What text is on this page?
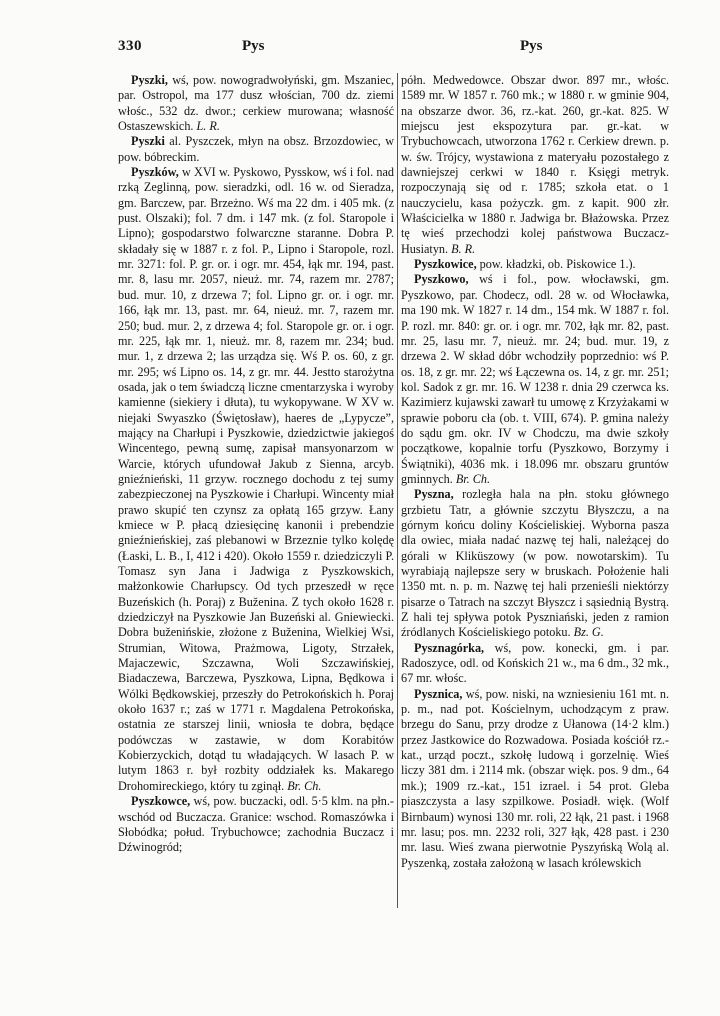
330	Pys	Pys

Pyszki, wś, pow. nowogradwołyński, gm. Mszaniec, par. Ostropol, ma 177 dusz włościan, 700 dz. ziemi włośc., 532 dz. dwor.; cerkiew murowana; własność Ostaszewskich. L. R.

Pyszki al. Pyszczek, młyn na obsz. Brzozdowiec, w pow. bóbreckim.

Pyszków, w XVI w. Pyskowo, Pysskow, wś i fol. nad rzką Zeglinną, pow. sieradzki, odl. 16 w. od Sieradza, gm. Barczew, par. Brzeżno. Wś ma 22 dm. i 405 mk. (z pust. Olszaki); fol. 7 dm. i 147 mk. (z fol. Staropole i Lipno); gospodarstwo folwarczne staranne. Dobra P. składały się w 1887 r. z fol. P., Lipno i Staropole, rozl. mr. 3271: fol. P. gr. or. i ogr. mr. 454, łąk mr. 194, past. mr. 8, lasu mr. 2057, nieuż. mr. 74, razem mr. 2787; bud. mur. 10, z drzewa 7; fol. Lipno gr. or. i ogr. mr. 166, łąk mr. 13, past. mr. 64, nieuż. mr. 7, razem mr. 250; bud. mur. 2, z drzewa 4; fol. Staropole gr. or. i ogr. mr. 225, łąk mr. 1, nieuż. mr. 8, razem mr. 234; bud. mur. 1, z drzewa 2; las urządza się. Wś P. os. 60, z gr. mr. 295; wś Lipno os. 14, z gr. mr. 44. Jestto starożytna osada, jak o tem świadczą liczne cmentarzyska i wyroby kamienne (siekiery i dłuta), tu wykopywane. W XV w. niejaki Swyaszko (Świętosław), haeres de „Lypycze”, mający na Charłupi i Pyszkowie, dziedzictwie jakiegoś Wincentego, pewną sumę, zapisał mansyonarzom w Warcie, których ufundował Jakub z Sienna, arcyb. gnieźnieński, 11 grzyw. rocznego dochodu z tej sumy zabezpieczonej na Pyszkowie i Charłupi. Wincenty miał prawo skupić ten czynsz za opłatą 165 grzyw. Łany kmiece w P. płacą dziesięcinę kanonii i prebendzie gnieźnieńskiej, zaś plebanowi w Brzeznie tylko kolędę (Łaski, L. B., I, 412 i 420). Około 1559 r. dziedziczyli P. Tomasz syn Jana i Jadwiga z Pyszkowskich, małżonkowie Charłupscy. Od tych przeszedł w ręce Buzeńskich (h. Poraj) z Buženina. Z tych około 1628 r. dziedziczył na Pyszkowie Jan Buzeński al. Gniewiecki. Dobra buženińskie, złożone z Buženina, Wielkiej Wsi, Strumian, Witowa, Prażmowa, Ligoty, Strzałek, Majaczewic, Szczawna, Woli Szczawińskiej, Biadaczewa, Barczewa, Pyszkowa, Lipna, Będkowa i Wólki Będkowskiej, przeszły do Petrokońskich h. Poraj około 1637 r.; zaś w 1771 r. Magdalena Petrokońska, ostatnia ze starszej linii, wniosła te dobra, będące podówczas w zastawie, w dom Korabitów Kobierzyckich, dotąd tu władających. W lasach P. w lutym 1863 r. był rozbity oddziałek ks. Makarego Drohomireckiego, który tu zginął. Br. Ch.

Pyszkowce, wś, pow. buczacki, odl. 5·5 klm. na płn.-wschód od Buczacza. Granice: wschod. Romaszówka i Słobódka; połud. Trybuchowce; zachodnia Buczacz i Dźwinogród;

półn. Medwedowce. Obszar dwor. 897 mr., włośc. 1589 mr. W 1857 r. 760 mk.; w 1880 r. w gminie 904, na obszarze dwor. 36, rz.-kat. 260, gr.-kat. 825. W miejscu jest ekspozytura par. gr.-kat. w Trybuchowcach, utworzona 1762 r. Cerkiew drewn. p. w. św. Trójcy, wystawiona z materyału pozostałego z dawniejszej cerkwi w 1840 r. Księgi metryk. rozpoczynają się od r. 1785; szkoła etat. o 1 nauczycielu, kasa pożyczk. gm. z kapit. 900 złr. Właścicielka w 1880 r. Jadwiga br. Błażowska. Przez tę wieś przechodzi kolej państwowa Buczacz-Husiatyn. B. R.

Pyszkowice, pow. kładzki, ob. Piskowice 1.).

Pyszkowo, wś i fol., pow. włocławski, gm. Pyszkowo, par. Chodecz, odl. 28 w. od Włocławka, ma 190 mk. W 1827 r. 14 dm., 154 mk. W 1887 r. fol. P. rozl. mr. 840: gr. or. i ogr. mr. 702, łąk mr. 82, past. mr. 25, lasu mr. 7, nieuż. mr. 24; bud. mur. 19, z drzewa 2. W skład dóbr wchodziły poprzednio: wś P. os. 18, z gr. mr. 22; wś Łączewna os. 14, z gr. mr. 251; kol. Sadok z gr. mr. 16. W 1238 r. dnia 29 czerwca ks. Kazimierz kujawski zawarł tu umowę z Krzyżakami w sprawie poboru cła (ob. t. VIII, 674). P. gmina należy do sądu gm. okr. IV w Chodczu, ma dwie szkoły początkowe, kopalnie torfu (Pyszkowo, Borzymy i Świątniki), 4036 mk. i 18.096 mr. obszaru gruntów gminnych. Br. Ch.

Pyszna, rozległa hala na płn. stoku głównego grzbietu Tatr, a głównie szczytu Błyszczu, a na górnym końcu doliny Kościeliskiej. Wyborna pasza dla owiec, miała nadać nazwę tej hali, należącej do górali w Kliküszowy (w pow. nowotarskim). Tu wyrabiają najlepsze sery w bruskach. Położenie hali 1350 mt. n. p. m. Nazwę tej hali przenieśli niektórzy pisarze o Tatrach na szczyt Błyszcz i sąsiednią Bystrą. Z hali tej spływa potok Pyszniański, jeden z ramion źródlanych Kościeliskiego potoku. Bz. G.

Pysznagórka, wś, pow. konecki, gm. i par. Radoszyce, odl. od Końskich 21 w., ma 6 dm., 32 mk., 67 mr. włośc.

Pysznica, wś, pow. niski, na wzniesieniu 161 mt. n. p. m., nad pot. Kościelnym, uchodzącym z praw. brzegu do Sanu, przy drodze z Ułanowa (14·2 klm.) przez Jastkowice do Rozwadowa. Posiada kościół rz.-kat., urząd poczt., szkołę ludową i gorzelnię. Wieś liczy 381 dm. i 2114 mk. (obszar więk. pos. 9 dm., 64 mk.); 1909 rz.-kat., 151 izrael. i 54 prot. Gleba piaszczysta a lasy szpilkowe. Posiadł. więk. (Wolf Birnbaum) wynosi 130 mr. roli, 22 łąk, 21 past. i 1968 mr. lasu; pos. mn. 2232 roli, 327 łąk, 428 past. i 230 mr. lasu. Wieś zwana pierwotnie Pyszyńską Wolą al. Pyszenką, została założoną w lasach królewskich
